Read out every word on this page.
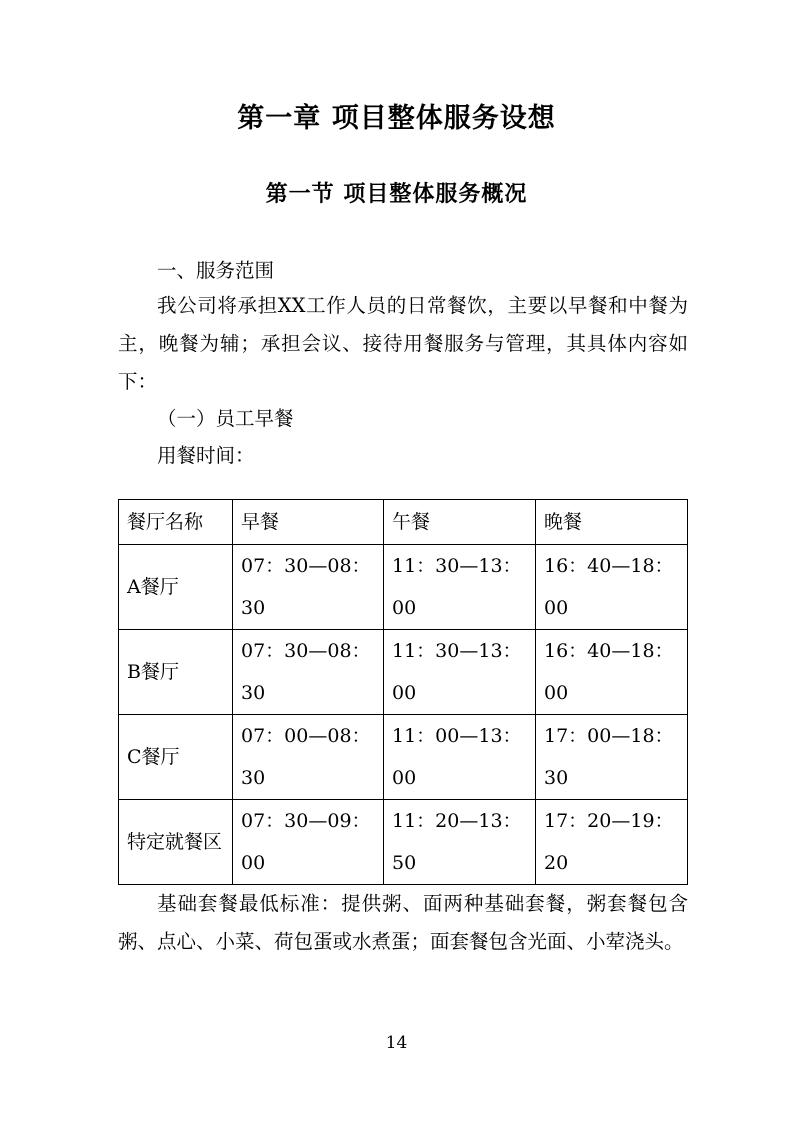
第一章 项目整体服务设想
第一节 项目整体服务概况

一、服务范围

我公司将承担XX工作人员的日常餐饮，主要以早餐和中餐为主，晚餐为辅；承担会议、接待用餐服务与管理，其具体内容如下：

（一）员工早餐

用餐时间：

餐厅名称	早餐	午餐	晚餐
A餐厅	07：30—08：30	11：30—13：00	16：40—18：00
B餐厅	07：30—08：30	11：30—13：00	16：40—18：00
C餐厅	07：00—08：30	11：00—13：00	17：00—18：30
特定就餐区	07：30—09：00	11：20—13：50	17：20—19：20

基础套餐最低标准：提供粥、面两种基础套餐，粥套餐包含粥、点心、小菜、荷包蛋或水煮蛋；面套餐包含光面、小荤浇头。

14
